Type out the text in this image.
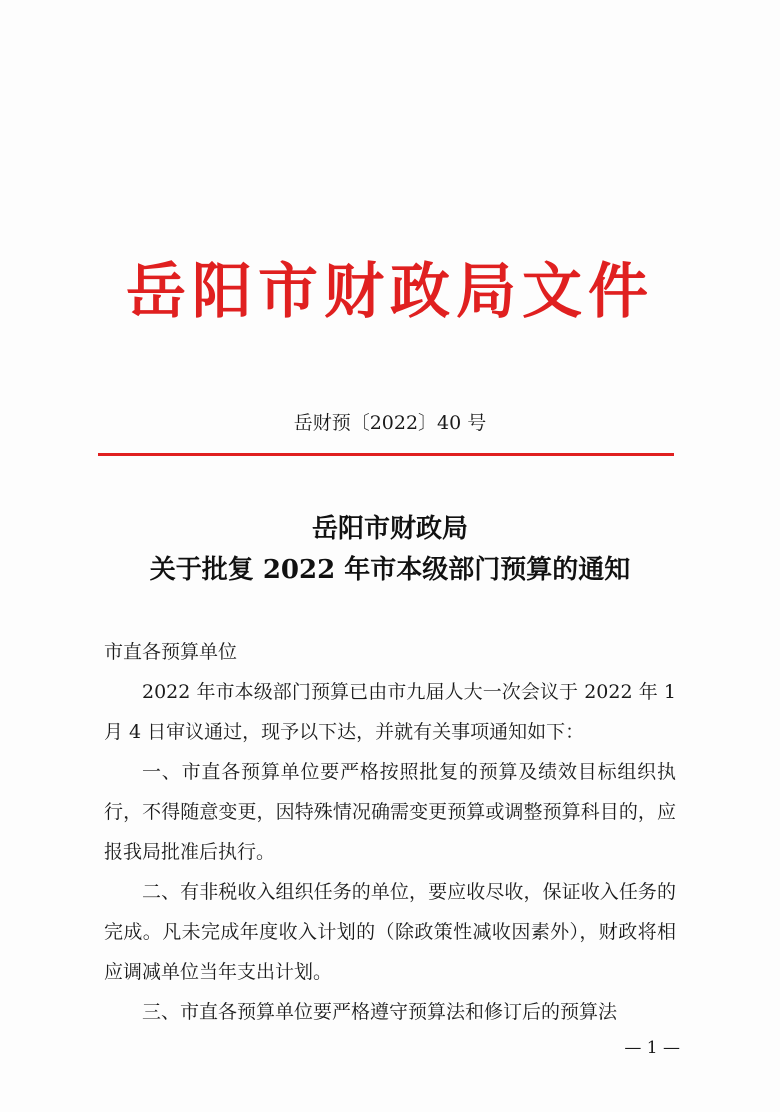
岳阳市财政局文件
岳财预〔2022〕40 号
岳阳市财政局
关于批复 2022 年市本级部门预算的通知

市直各预算单位

2022 年市本级部门预算已由市九届人大一次会议于 2022 年 1 月 4 日审议通过，现予以下达，并就有关事项通知如下：

一、市直各预算单位要严格按照批复的预算及绩效目标组织执行，不得随意变更，因特殊情况确需变更预算或调整预算科目的，应报我局批准后执行。

二、有非税收入组织任务的单位，要应收尽收，保证收入任务的完成。凡未完成年度收入计划的（除政策性减收因素外），财政将相应调减单位当年支出计划。

三、市直各预算单位要严格遵守预算法和修订后的预算法

— 1 —
